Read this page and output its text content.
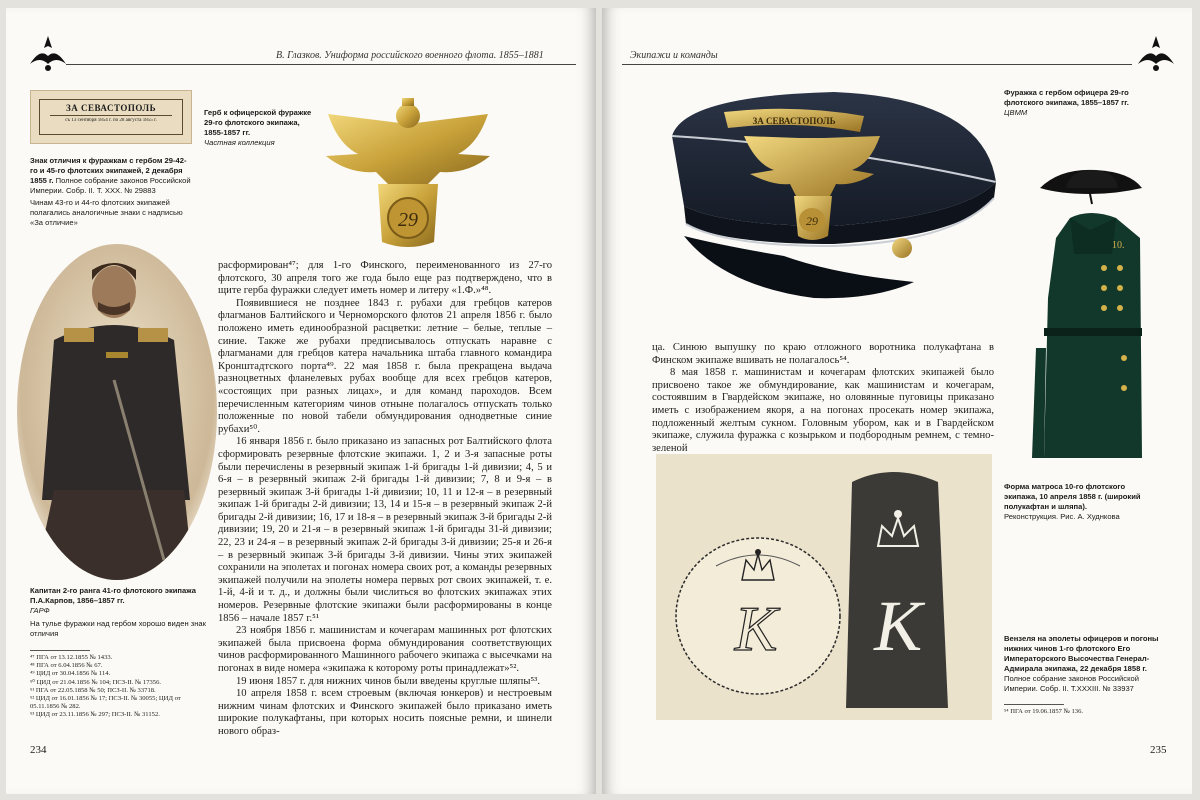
В. Глазков. Униформа российского военного флота. 1855–1881
ЗА СЕВАСТОПОЛЬ
съ 13 сентября 1854 г. по 28 августа 1855 г.
Знак отличия к фуражкам с гербом 29-42-го и 45-го флотских экипажей, 2 декабря 1855 г. Полное собрание законов Российской Империи. Собр. II. Т. XXX. № 29883
Чинам 43-го и 44-го флотских экипажей полагались аналогичные знаки с надписью «За отличие»
Герб к офицерской фуражке 29-го флотского экипажа, 1855-1857 гг.
Частная коллекция
29
Капитан 2-го ранга 41-го флотского экипажа П.А.Карпов, 1856–1857 гг.
ГАРФ
На тулье фуражки над гербом хорошо виден знак отличия
⁴⁷ ПГА от 13.12.1855 № 1433.
⁴⁸ ПГА от 6.04.1856 № 67.
⁴⁹ ЦИД от 30.04.1856 № 114.
⁵⁰ ЦИД от 21.04.1856 № 104; ПСЗ-II. № 17356.
⁵¹ ПГА от 22.05.1858 № 50; ПСЗ-II. № 33718.
⁵² ЦИД от 16.01.1856 № 17; ПСЗ-II. № 30055; ЦИД от 05.11.1856 № 282.
⁵³ ЦИД от 23.11.1856 № 297; ПСЗ-II. № 31152.

расформирован⁴⁷; для 1-го Финского, переименованного из 27-го флотского, 30 апреля того же года было еще раз подтверждено, что в щите герба фуражки следует иметь номер и литеру «1.Ф.»⁴⁸.

Появившиеся не позднее 1843 г. рубахи для гребцов катеров флагманов Балтийского и Черноморского флотов 21 апреля 1856 г. было положено иметь единообразной расцветки: летние – белые, теплые – синие. Также же рубахи предписывалось отпускать наравне с флагманами для гребцов катера начальника штаба главного командира Кронштадтского порта⁴⁹. 22 мая 1858 г. была прекращена выдача разноцветных фланелевых рубах вообще для всех гребцов катеров, «состоящих при разных лицах», и для команд пароходов. Всем перечисленным категориям чинов отныне полагалось отпускать только положенные по новой табели обмундирования однодветные синие рубахи⁵⁰.

16 января 1856 г. было приказано из запасных рот Балтийского флота сформировать резервные флотские экипажи. 1, 2 и 3-я запасные роты были перечислены в резервный экипаж 1-й бригады 1-й дивизии; 4, 5 и 6-я – в резервный экипаж 2-й бригады 1-й дивизии; 7, 8 и 9-я – в резервный экипаж 3-й бригады 1-й дивизии; 10, 11 и 12-я – в резервный экипаж 1-й бригады 2-й дивизии; 13, 14 и 15-я – в резервный экипаж 2-й бригады 2-й дивизии; 16, 17 и 18-я – в резервный экипаж 3-й бригады 2-й дивизии; 19, 20 и 21-я – в резервный экипаж 1-й бригады 31-й дивизии; 22, 23 и 24-я – в резервный экипаж 2-й бригады 3-й дивизии; 25-я и 26-я – в резервный экипаж 3-й бригады 3-й дивизии. Чины этих экипажей сохранили на эполетах и погонах номера своих рот, а команды резервных экипажей получили на эполеты номера первых рот своих экипажей, т. е. 1-й, 4-й и т. д., и должны были числиться во флотских экипажах этих номеров. Резервные флотские экипажи были расформированы в конце 1856 – начале 1857 г.⁵¹

23 ноября 1856 г. машинистам и кочегарам машинных рот флотских экипажей была присвоена форма обмундирования соответствующих чинов расформированного Машинного рабочего экипажа с высечками на погонах в виде номера «экипажа к которому роты принадлежат»⁵².

19 июня 1857 г. для нижних чинов были введены круглые шляпы⁵³.

10 апреля 1858 г. всем строевым (включая юнкеров) и нестроевым нижним чинам флотских и Финского экипажей было приказано иметь широкие полукафтаны, при которых носить поясные ремни, и шинели нового образ-

234
Экипажи и команды
ЗА СЕВАСТОПОЛЬ
29
Фуражка с гербом офицера 29-го флотского экипажа, 1855–1857 гг.
ЦВММ
10.
Форма матроса 10-го флотского экипажа, 10 апреля 1858 г. (широкий полукафтан и шляпа).
Реконструкция. Рис. А. Худнкова

ца. Синюю выпушку по краю отложного воротника полукафтана в Финском экипаже вшивать не полагалось⁵⁴.

8 мая 1858 г. машинистам и кочегарам флотских экипажей было присвоено такое же обмундирование, как машинистам и кочегарам, состоявшим в Гвардейском экипаже, но оловянные пуговицы приказано иметь с изображением якоря, а на погонах просекать номер экипажа, подложенный желтым сукном. Головным убором, как и в Гвардейском экипаже, служила фуражка с козырьком и подбородным ремнем, с темно-зеленой

К К	Вензеля на эполеты офицеров и погоны нижних чинов 1-го флотского Его Императорского Высочества Генерал-Адмирала экипажа, 22 декабря 1858 г. Полное собрание законов Российской Империи. Собр. II. Т.XXXIII. № 33937
⁵⁴ ПГА от 19.06.1857 № 136.
235
